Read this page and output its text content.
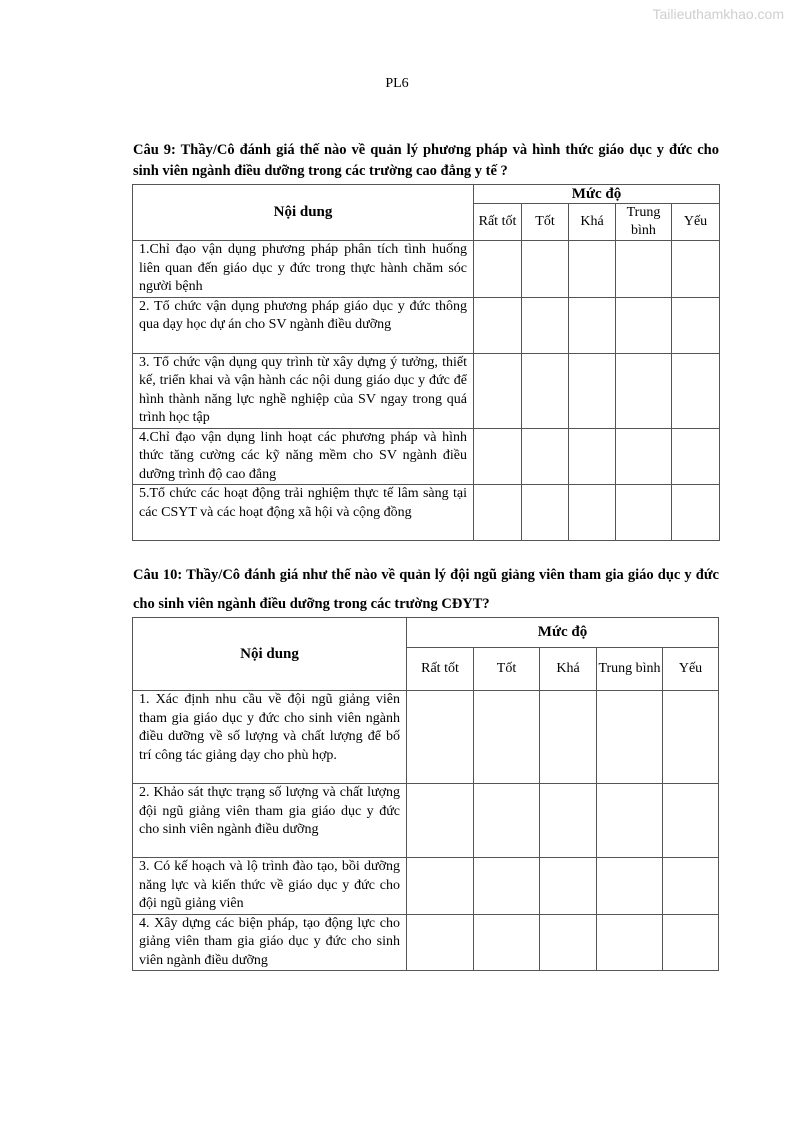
Tailieuthamkhao.com
PL6
Câu 9: Thầy/Cô đánh giá thế nào về quản lý phương pháp và hình thức giáo dục y đức cho sinh viên ngành điều dưỡng trong các trường cao đẳng y tế ?
Nội dung	Mức độ				
	Rất tốt	Tốt	Khá	Trung bình	Yếu
1.Chỉ đạo vận dụng phương pháp phân tích tình huống liên quan đến giáo dục y đức trong thực hành chăm sóc người bệnh					
2. Tổ chức vận dụng phương pháp giáo dục y đức thông qua dạy học dự án cho SV ngành điều dưỡng					
3. Tổ chức vận dụng quy trình từ xây dựng ý tưởng, thiết kế, triển khai và vận hành các nội dung giáo dục y đức để hình thành năng lực nghề nghiệp của SV ngay trong quá trình học tập					
4.Chỉ đạo vận dụng linh hoạt các phương pháp và hình thức tăng cường các kỹ năng mềm cho SV ngành điều dưỡng trình độ cao đẳng					
5.Tổ chức các hoạt động trải nghiệm thực tế lâm sàng tại các CSYT và các hoạt động xã hội và cộng đồng					
Câu 10: Thầy/Cô đánh giá như thế nào về quản lý đội ngũ giảng viên tham gia giáo dục y đức cho sinh viên ngành điều dưỡng trong các trường CĐYT?
Nội dung	Mức độ				
	Rất tốt	Tốt	Khá	Trung bình	Yếu
1. Xác định nhu cầu về đội ngũ giảng viên tham gia giáo dục y đức cho sinh viên ngành điều dưỡng về số lượng và chất lượng để bố trí công tác giảng dạy cho phù hợp.					
2. Khảo sát thực trạng số lượng và chất lượng đội ngũ giảng viên tham gia giáo dục y đức cho sinh viên ngành điều dưỡng					
3. Có kế hoạch và lộ trình đào tạo, bồi dưỡng năng lực và kiến thức về giáo dục y đức cho đội ngũ giảng viên					
4. Xây dựng các biện pháp, tạo động lực cho giảng viên tham gia giáo dục y đức cho sinh viên ngành điều dưỡng					
